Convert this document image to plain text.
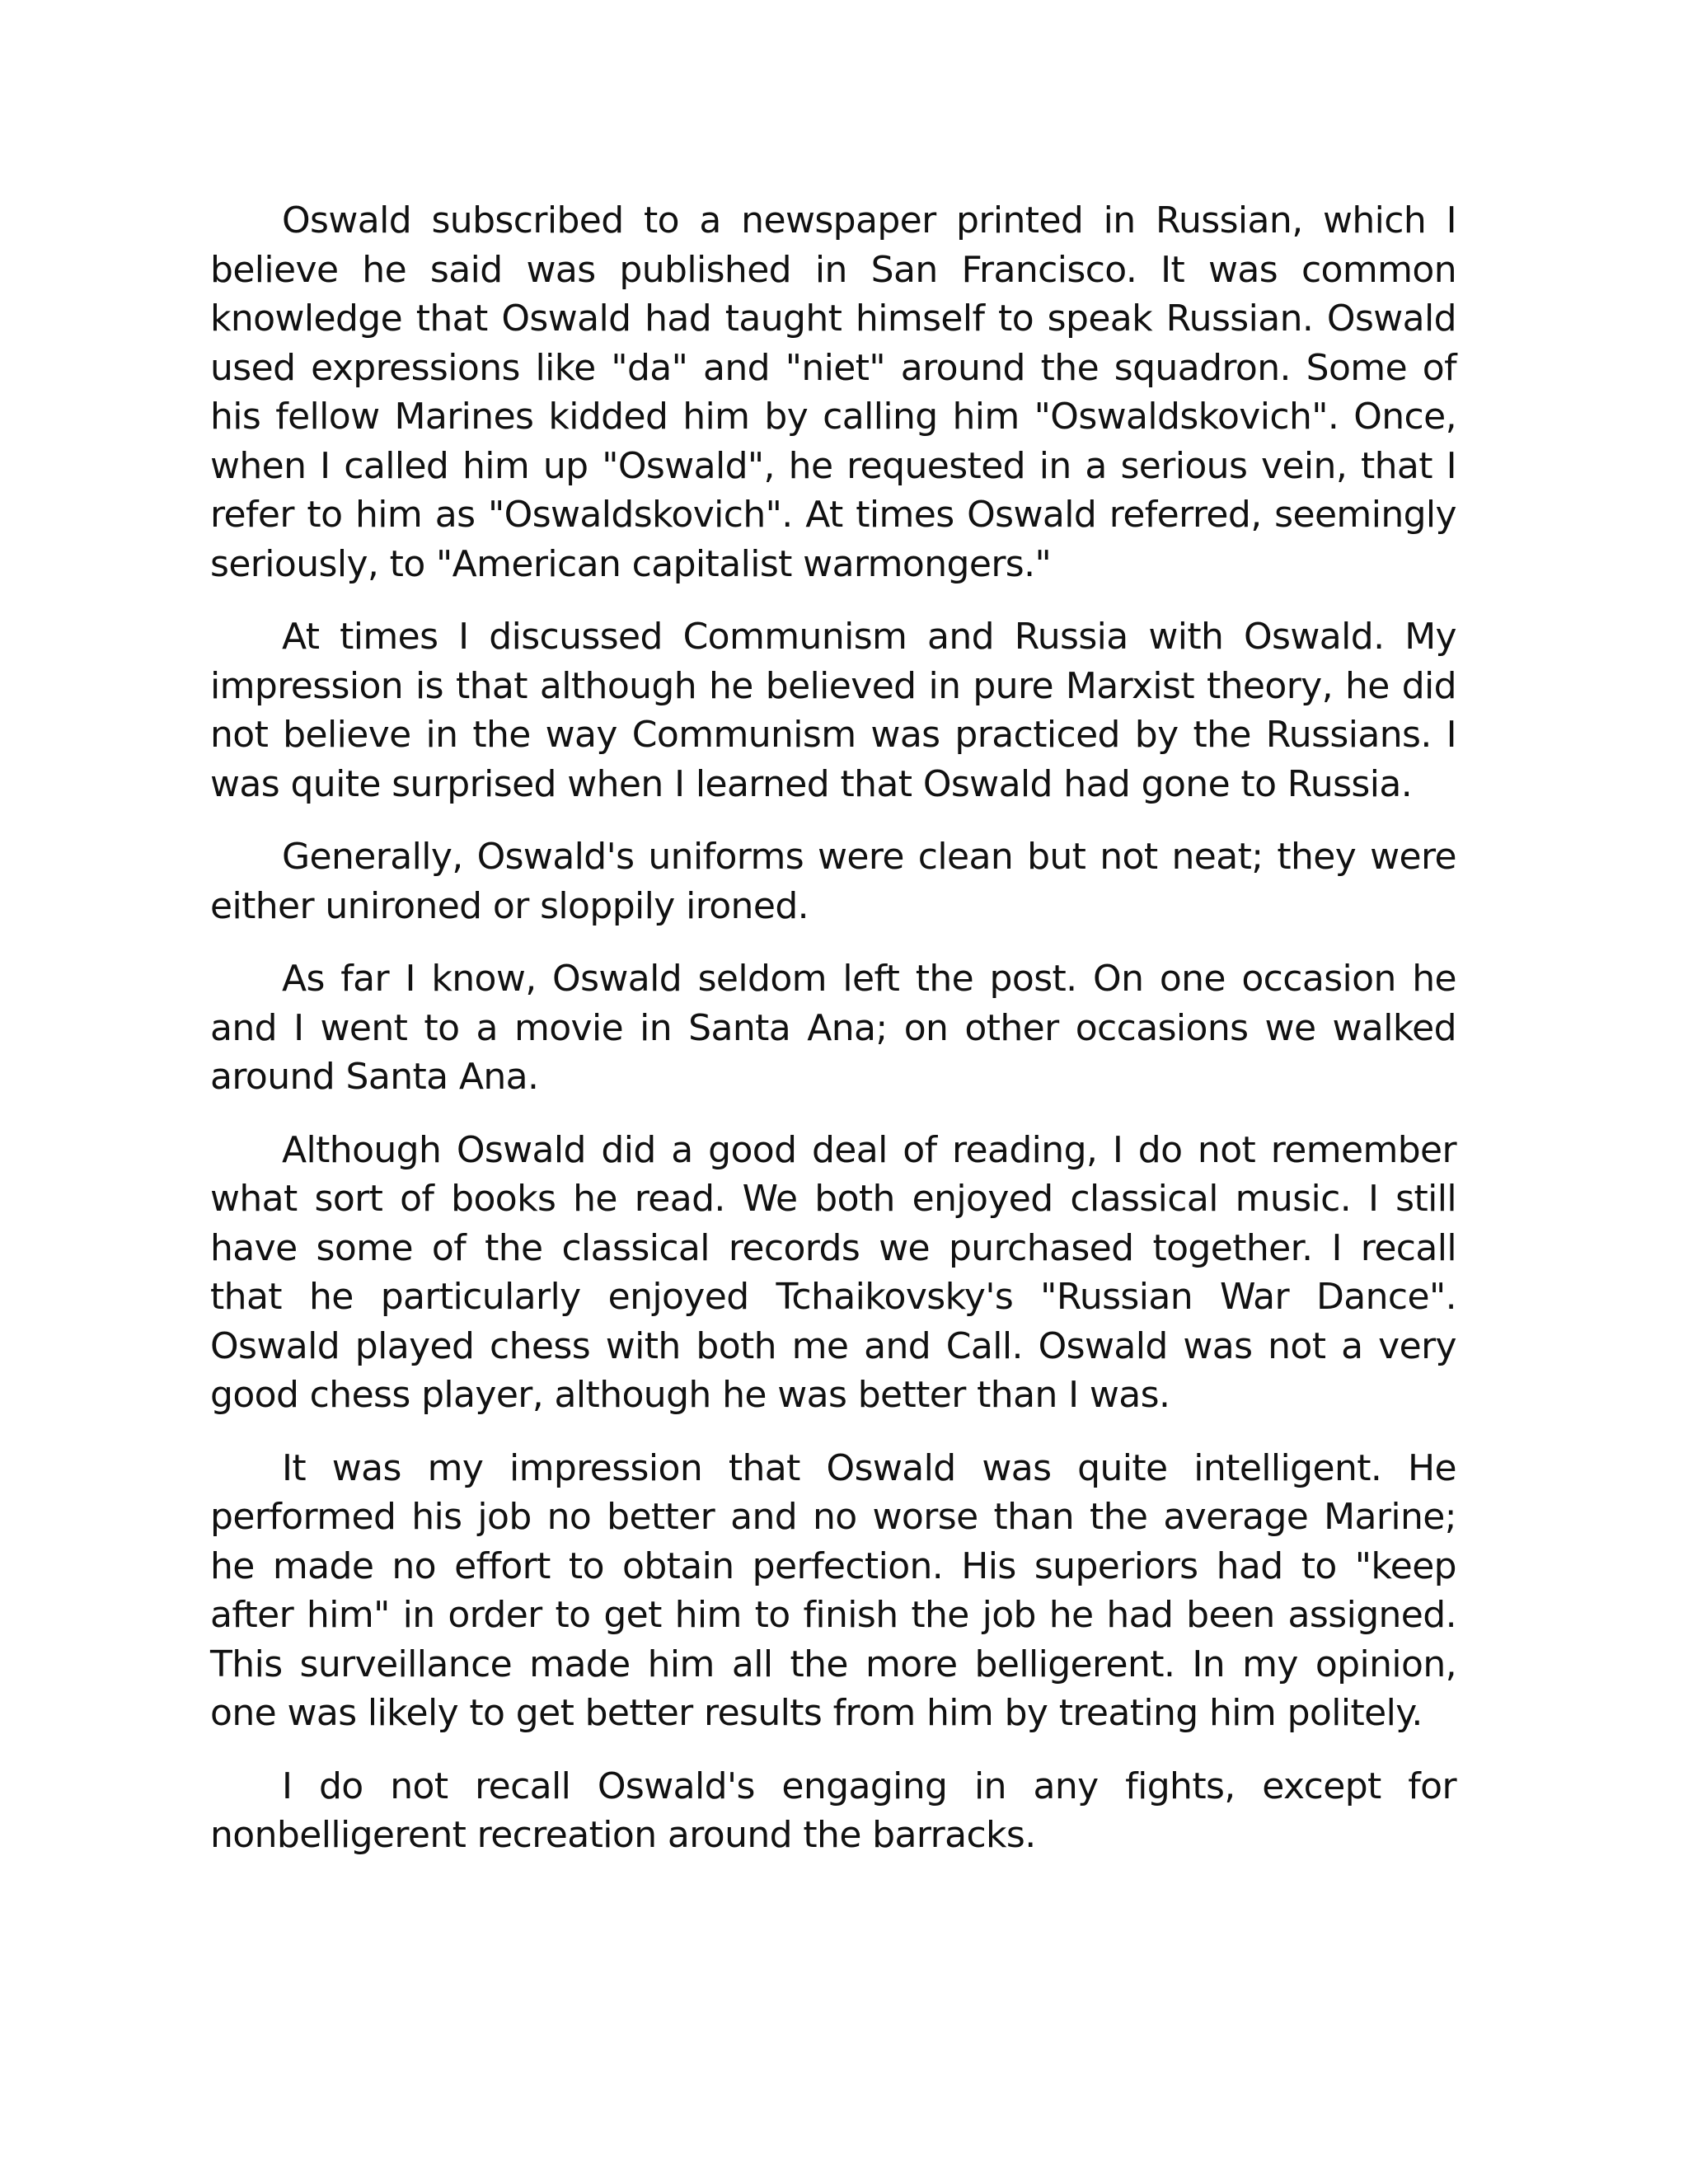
Oswald subscribed to a newspaper printed in Russian, which I believe he said was published in San Francisco. It was common knowledge that Oswald had taught himself to speak Russian. Oswald used expressions like "da" and "niet" around the squadron. Some of his fellow Marines kidded him by calling him "Oswaldskovich". Once, when I called him up "Oswald", he requested in a serious vein, that I refer to him as "Oswaldskovich". At times Oswald referred, seemingly seriously, to "American capitalist warmongers."

At times I discussed Communism and Russia with Oswald. My impression is that although he believed in pure Marxist theory, he did not believe in the way Communism was practiced by the Russians. I was quite surprised when I learned that Oswald had gone to Russia.

Generally, Oswald's uniforms were clean but not neat; they were either unironed or sloppily ironed.

As far I know, Oswald seldom left the post. On one occasion he and I went to a movie in Santa Ana; on other occasions we walked around Santa Ana.

Although Oswald did a good deal of reading, I do not remember what sort of books he read. We both enjoyed classical music. I still have some of the classical records we purchased together. I recall that he particularly enjoyed Tchaikovsky's "Russian War Dance". Oswald played chess with both me and Call. Oswald was not a very good chess player, although he was better than I was.

It was my impression that Oswald was quite intelligent. He performed his job no better and no worse than the average Marine; he made no effort to obtain perfection. His superiors had to "keep after him" in order to get him to finish the job he had been assigned. This surveillance made him all the more belligerent. In my opinion, one was likely to get better results from him by treating him politely.

I do not recall Oswald's engaging in any fights, except for nonbelligerent recreation around the barracks.
